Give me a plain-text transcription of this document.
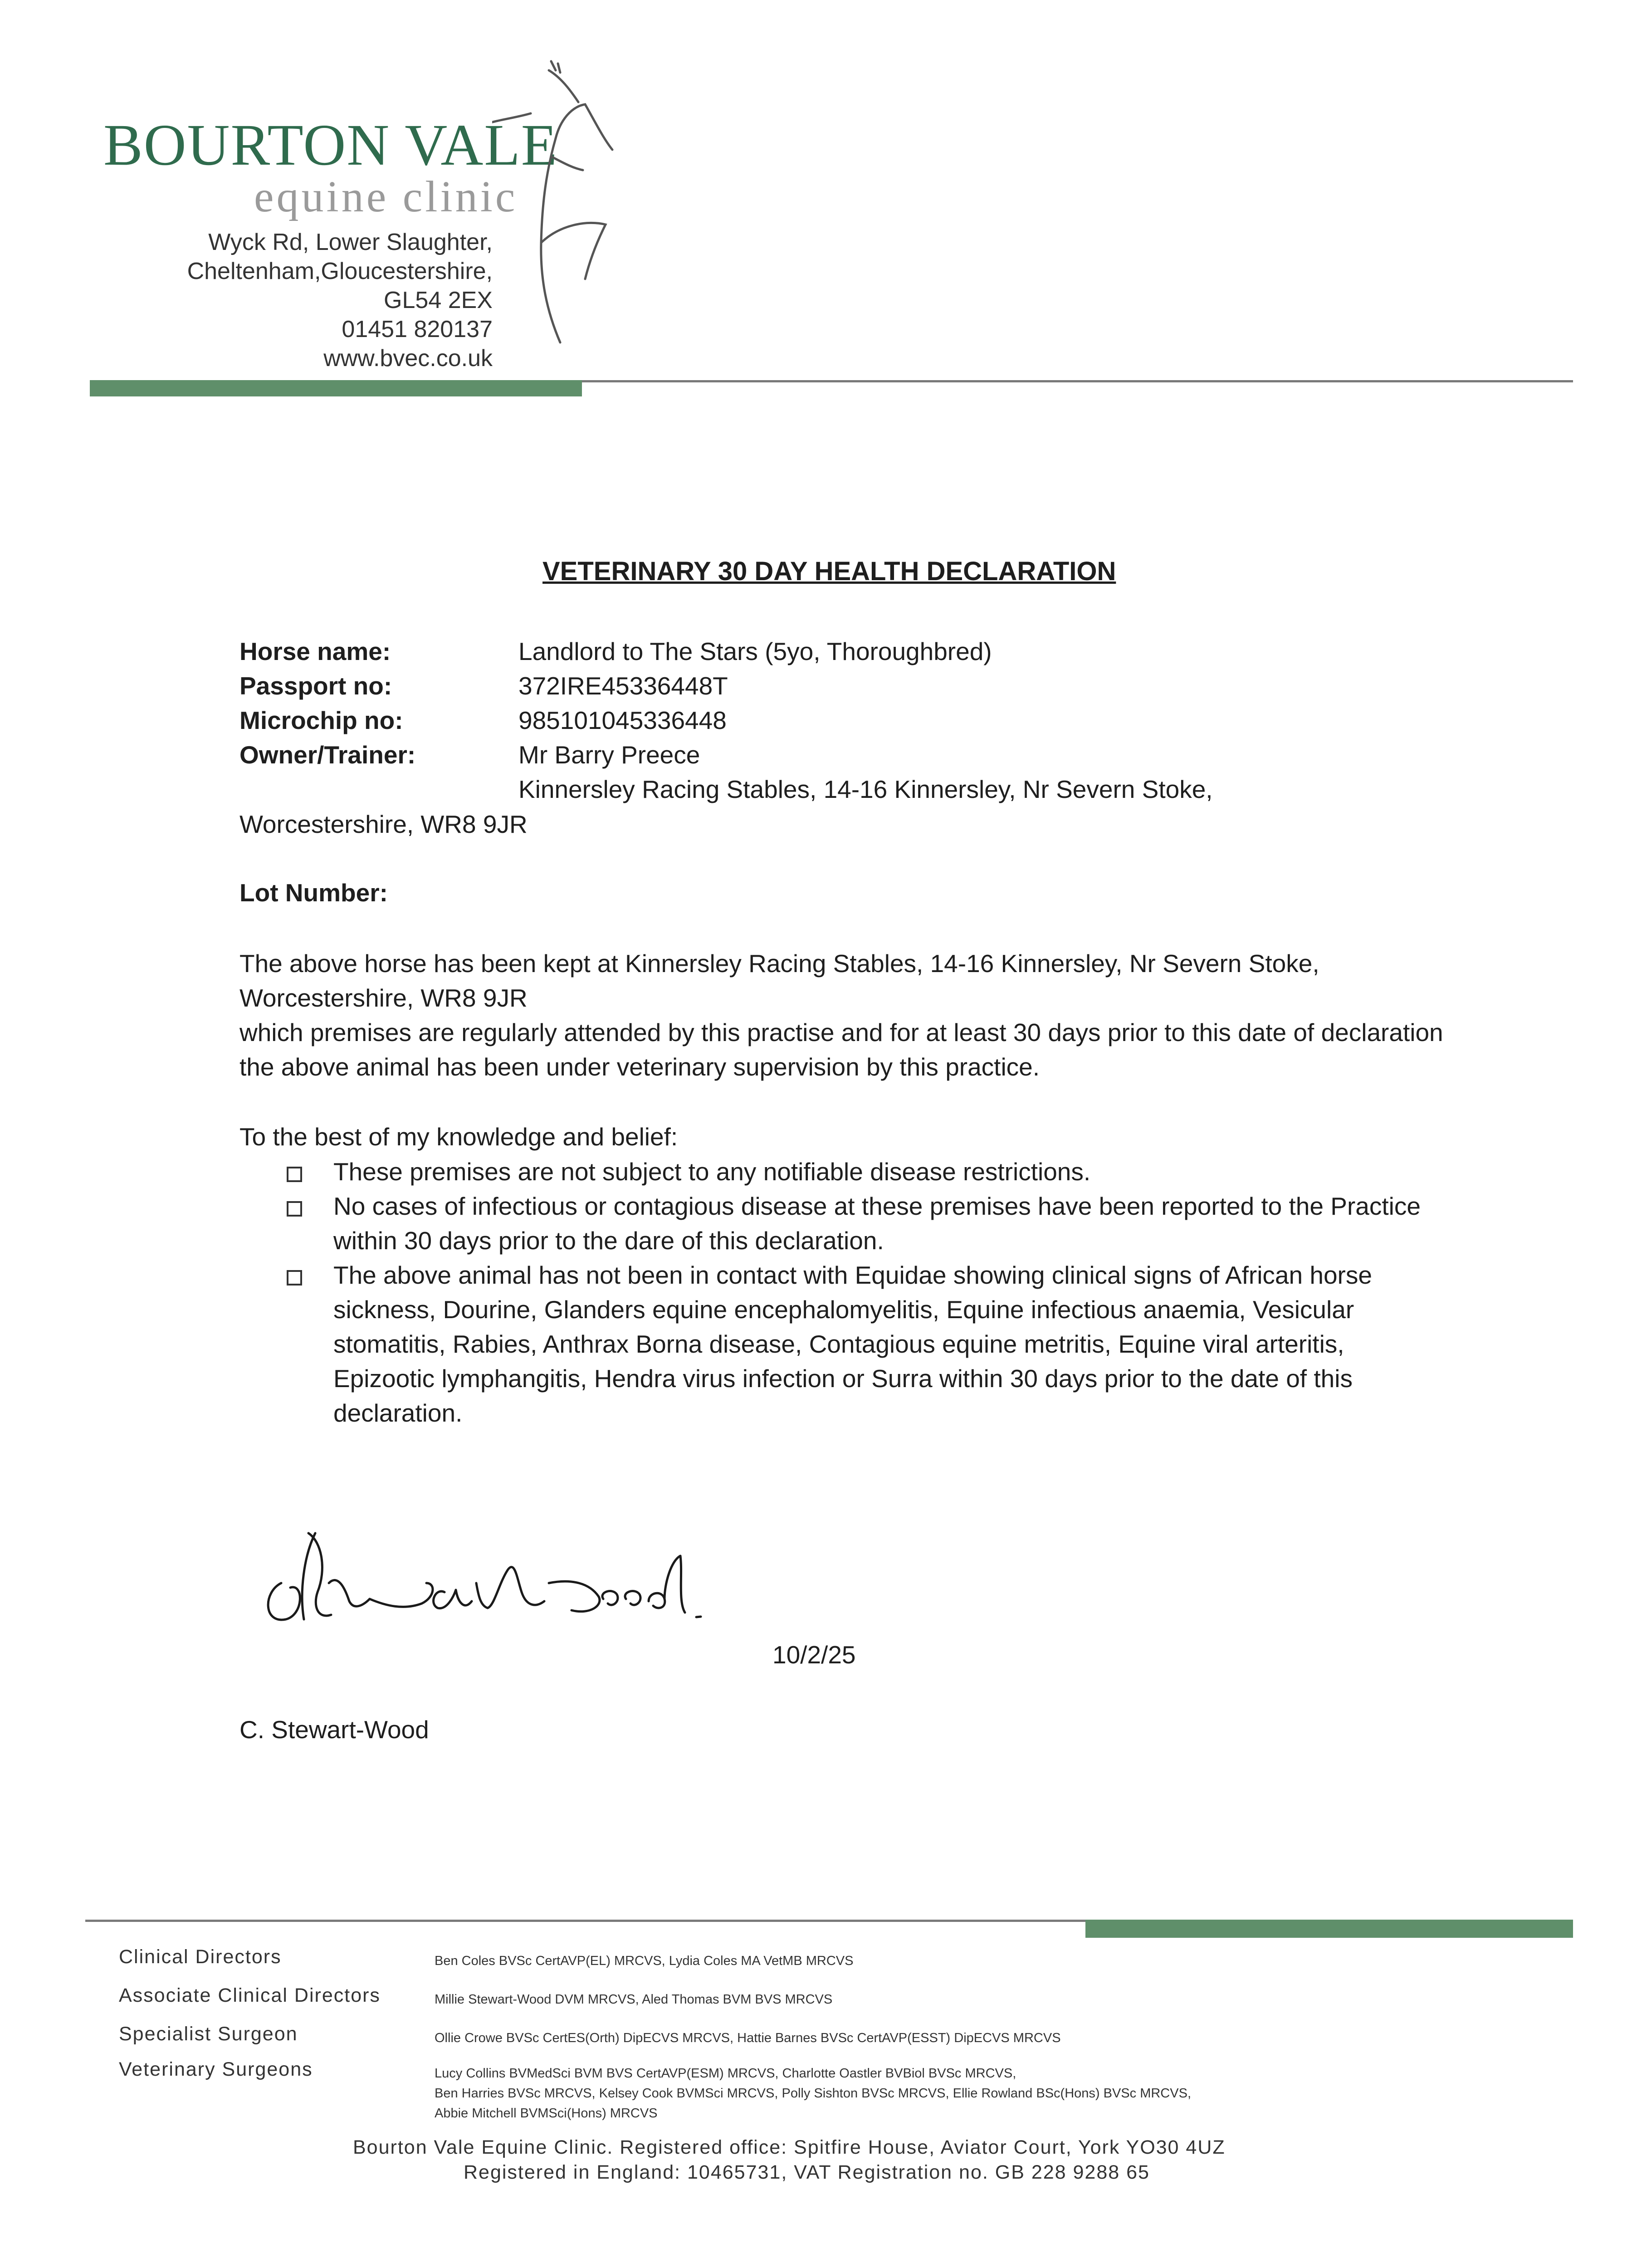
BOURTON VALE
equine clinic
Wyck Rd, Lower Slaughter,
Cheltenham,Gloucestershire,
GL54 2EX
01451 820137
www.bvec.co.uk
VETERINARY 30 DAY HEALTH DECLARATION
Horse name:	Landlord to The Stars (5yo, Thoroughbred)
Passport no:	372IRE45336448T
Microchip no:	985101045336448
Owner/Trainer:	Mr Barry Preece
Kinnersley Racing Stables, 14-16 Kinnersley, Nr Severn Stoke,
Worcestershire, WR8 9JR
Lot Number:
The above horse has been kept at Kinnersley Racing Stables, 14-16 Kinnersley, Nr Severn Stoke,
Worcestershire, WR8 9JR
which premises are regularly attended by this practise and for at least 30 days prior to this date of declaration the above animal has been under veterinary supervision by this practice.
To the best of my knowledge and belief:
These premises are not subject to any notifiable disease restrictions.
No cases of infectious or contagious disease at these premises have been reported to the Practice within 30 days prior to the dare of this declaration.
The above animal has not been in contact with Equidae showing clinical signs of African horse sickness, Dourine, Glanders equine encephalomyelitis, Equine infectious anaemia, Vesicular stomatitis, Rabies, Anthrax Borna disease, Contagious equine metritis, Equine viral arteritis, Epizootic lymphangitis, Hendra virus infection or Surra within 30 days prior to the date of this declaration.
10/2/25
C. Stewart-Wood
Clinical Directors	Ben Coles BVSc CertAVP(EL) MRCVS, Lydia Coles MA VetMB MRCVS
Associate Clinical Directors	Millie Stewart-Wood DVM MRCVS, Aled Thomas BVM BVS MRCVS
Specialist Surgeon	Ollie Crowe BVSc CertES(Orth) DipECVS MRCVS, Hattie Barnes BVSc CertAVP(ESST) DipECVS MRCVS
Veterinary Surgeons	Lucy Collins BVMedSci BVM BVS CertAVP(ESM) MRCVS, Charlotte Oastler BVBiol BVSc MRCVS,
Ben Harries BVSc MRCVS, Kelsey Cook BVMSci MRCVS, Polly Sishton BVSc MRCVS, Ellie Rowland BSc(Hons) BVSc MRCVS,
Abbie Mitchell BVMSci(Hons) MRCVS
Bourton Vale Equine Clinic. Registered office: Spitfire House, Aviator Court, York YO30 4UZ
Registered in England: 10465731, VAT Registration no. GB 228 9288 65
